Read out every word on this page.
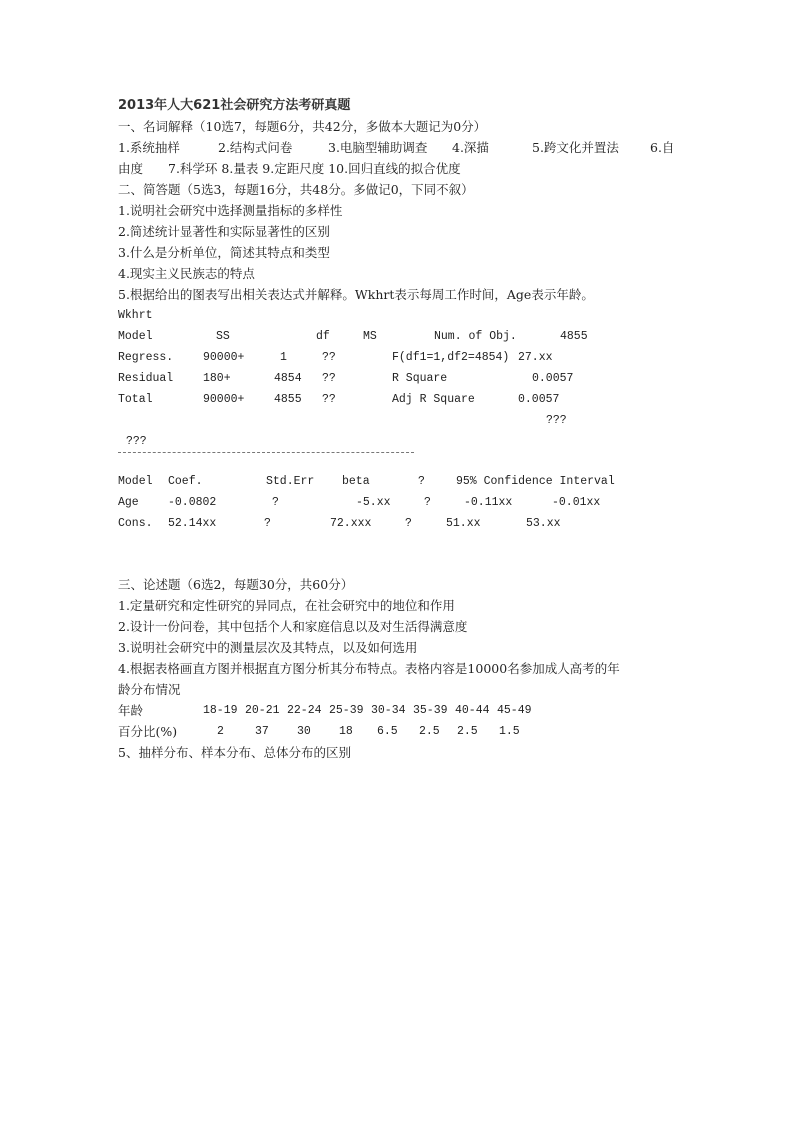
2013年人大621社会研究方法考研真题
一、名词解释（10选7，每题6分，共42分，多做本大题记为0分）
1.系统抽样	2.结构式问卷	3.电脑型辅助调查 4.深描	5.跨文化并置法 6.自
由度 7.科学环 8.量表 9.定距尺度 10.回归直线的拟合优度
二、简答题（5选3，每题16分，共48分。多做记0，下同不叙）
1.说明社会研究中选择测量指标的多样性
2.简述统计显著性和实际显著性的区别
3.什么是分析单位，简述其特点和类型
4.现实主义民族志的特点
5.根据给出的图表写出相关表达式并解释。Wkhrt表示每周工作时间，Age表示年龄。
Wkhrt
Model	SS	df	MS	Num. of Obj.	4855
Regress.	90000+	1	??	F(df1=1,df2=4854) 27.xx
Residual	180+	4854 ??	R Square	0.0057
Total	90000+	4855 ??	Adj R Square	0.0057
???
???
Model Coef.	Std.Err beta	?	95% Confidence Interval
Age	-0.0802	?	-5.xx	?	-0.11xx	-0.01xx
Cons. 52.14xx	?	72.xxx	?	51.xx	53.xx
三、论述题（6选2，每题30分，共60分）
1.定量研究和定性研究的异同点，在社会研究中的地位和作用
2.设计一份问卷，其中包括个人和家庭信息以及对生活得满意度
3.说明社会研究中的测量层次及其特点，以及如何选用
4.根据表格画直方图并根据直方图分析其分布特点。表格内容是10000名参加成人高考的年
龄分布情况
年龄	18-19 20-21 22-24 25-39 30-34 35-39 40-44 45-49
百分比(%)	2	37 30 18 6.5 2.5 2.5 1.5
5、抽样分布、样本分布、总体分布的区别
